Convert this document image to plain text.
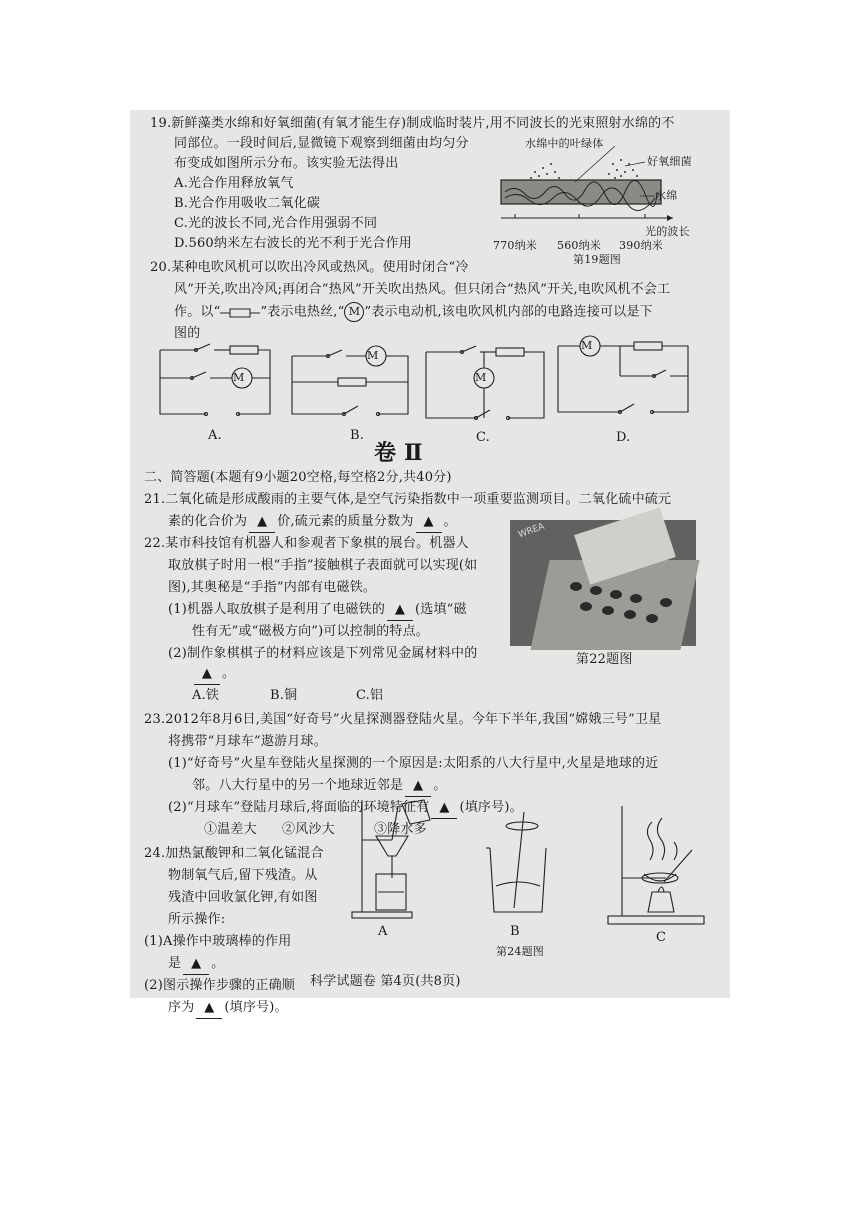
19.新鲜藻类水绵和好氧细菌(有氧才能生存)制成临时装片,用不同波长的光束照射水绵的不
同部位。一段时间后,显微镜下观察到细菌由均匀分
布变成如图所示分布。该实验无法得出
A.光合作用释放氧气
B.光合作用吸收二氧化碳
C.光的波长不同,光合作用强弱不同
D.560纳米左右波长的光不利于光合作用
水绵中的叶绿体
好氧细菌
水绵
光的波长
770纳米 560纳米 390纳米
第19题图
20.某种电吹风机可以吹出冷风或热风。使用时闭合“冷
风”开关,吹出冷风;再闭合“热风”开关吹出热风。但只闭合“热风”开关,电吹风机不会工
作。以“	”表示电热丝,“ M ”表示电动机,该电吹风机内部的电路连接可以是下
图的
M
A.
M
B.
M
C.
M
D.
卷 Ⅱ
二、简答题(本题有9小题20空格,每空格2分,共40分)
21.二氧化硫是形成酸雨的主要气体,是空气污染指数中一项重要监测项目。二氧化硫中硫元
素的化合价为 ▲ 价,硫元素的质量分数为 ▲ 。
22.某市科技馆有机器人和参观者下象棋的展台。机器人
取放棋子时用一根“手指”接触棋子表面就可以实现(如
图),其奥秘是“手指”内部有电磁铁。
(1)机器人取放棋子是利用了电磁铁的 ▲ (选填“磁
性有无”或“磁极方向”)可以控制的特点。
(2)制作象棋棋子的材料应该是下列常见金属材料中的
▲ 。
A.铁	B.铜	C.铝
WREA
第22题图
23.2012年8月6日,美国“好奇号”火星探测器登陆火星。今年下半年,我国“嫦娥三号”卫星
将携带“月球车”遨游月球。
(1)“好奇号”火星车登陆火星探测的一个原因是:太阳系的八大行星中,火星是地球的近
邻。八大行星中的另一个地球近邻是 ▲ 。
(2)“月球车”登陆月球后,将面临的环境特征有 ▲ (填序号)。
①温差大 ②风沙大	③降水多
24.加热氯酸钾和二氧化锰混合
物制氧气后,留下残渣。从
残渣中回收氯化钾,有如图
所示操作:
(1)A操作中玻璃棒的作用
是 ▲ 。
(2)图示操作步骤的正确顺
序为 ▲ (填序号)。
A	B	C
第24题图
科学试题卷 第4页(共8页)
